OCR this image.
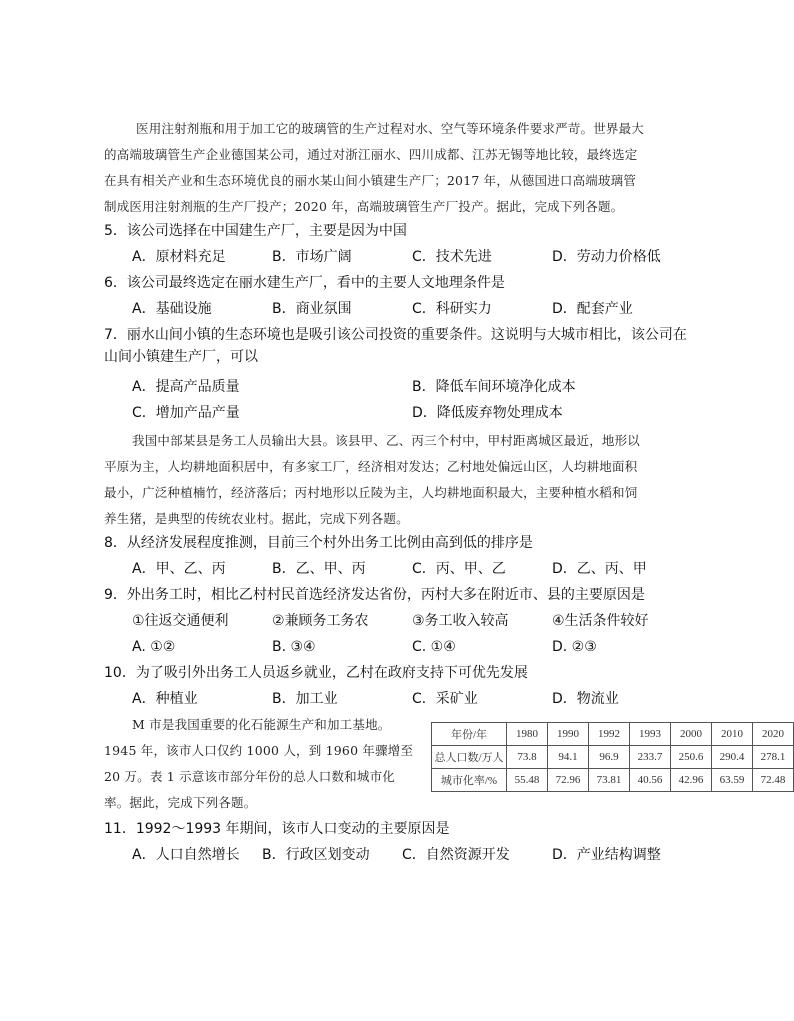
医用注射剂瓶和用于加工它的玻璃管的生产过程对水、空气等环境条件要求严苛。世界最大
的高端玻璃管生产企业德国某公司，通过对浙江丽水、四川成都、江苏无锡等地比较，最终选定
在具有相关产业和生态环境优良的丽水某山间小镇建生产厂；2017 年，从德国进口高端玻璃管
制成医用注射剂瓶的生产厂投产；2020 年，高端玻璃管生产厂投产。据此，完成下列各题。
5．该公司选择在中国建生产厂，主要是因为中国
A．原材料充足	B．市场广阔	C．技术先进	D．劳动力价格低
6．该公司最终选定在丽水建生产厂，看中的主要人文地理条件是
A．基础设施	B．商业氛围	C．科研实力	D．配套产业
7．丽水山间小镇的生态环境也是吸引该公司投资的重要条件。这说明与大城市相比，该公司在
山间小镇建生产厂，可以
A．提高产品质量	B．降低车间环境净化成本
C．增加产品产量	D．降低废弃物处理成本
我国中部某县是务工人员输出大县。该县甲、乙、丙三个村中，甲村距离城区最近，地形以
平原为主，人均耕地面积居中，有多家工厂，经济相对发达；乙村地处偏远山区，人均耕地面积
最小，广泛种植楠竹，经济落后；丙村地形以丘陵为主，人均耕地面积最大，主要种植水稻和饲
养生猪，是典型的传统农业村。据此，完成下列各题。
8．从经济发展程度推测，目前三个村外出务工比例由高到低的排序是
A．甲、乙、丙	B．乙、甲、丙	C．丙、甲、乙	D．乙、丙、甲
9．外出务工时，相比乙村村民首选经济发达省份，丙村大多在附近市、县的主要原因是
①往返交通便利	②兼顾务工务农	③务工收入较高	④生活条件较好
A. ①②	B. ③④	C. ①④	D. ②③
10．为了吸引外出务工人员返乡就业，乙村在政府支持下可优先发展
A．种植业	B．加工业	C．采矿业	D．物流业
M 市是我国重要的化石能源生产和加工基地。
1945 年，该市人口仅约 1000 人，到 1960 年骤增至
20 万。表 1 示意该市部分年份的总人口数和城市化
率。据此，完成下列各题。
年份/年	1980	1990	1992	1993	2000	2010	2020
总人口数/万人	73.8	94.1	96.9	233.7	250.6	290.4	278.1
城市化率/%	55.48	72.96	73.81	40.56	42.96	63.59	72.48
11．1992～1993 年期间，该市人口变动的主要原因是
A．人口自然增长 B．行政区划变动 C．自然资源开发	D．产业结构调整
